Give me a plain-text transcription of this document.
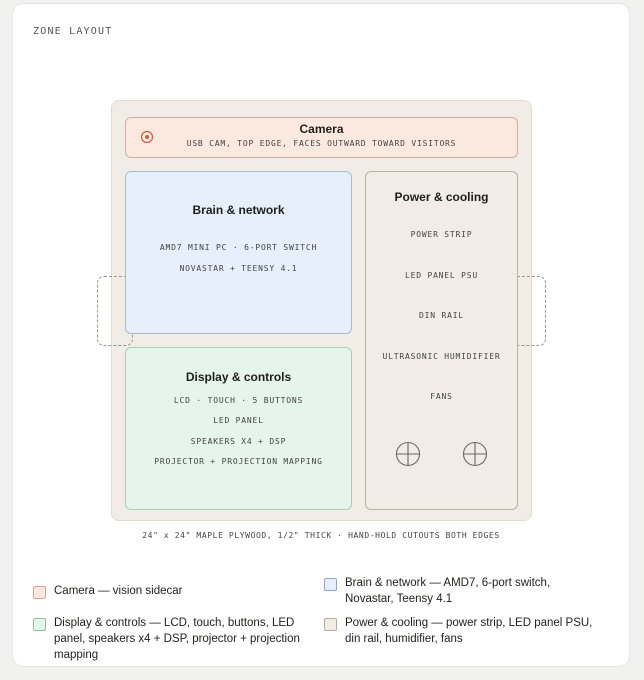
ZONE LAYOUT
Camera
USB CAM, TOP EDGE, FACES OUTWARD TOWARD VISITORS
Brain & network
AMD7 MINI PC · 6-PORT SWITCH
NOVASTAR + TEENSY 4.1
Display & controls
LCD · TOUCH · 5 BUTTONS
LED PANEL
SPEAKERS X4 + DSP
PROJECTOR + PROJECTION MAPPING
Power & cooling
POWER STRIP
LED PANEL PSU
DIN RAIL
ULTRASONIC HUMIDIFIER
FANS
24" x 24" MAPLE PLYWOOD, 1/2" THICK · HAND-HOLD CUTOUTS BOTH EDGES
Camera — vision sidecar
Brain & network — AMD7, 6-port switch, Novastar, Teensy 4.1
Display & controls — LCD, touch, buttons, LED panel, speakers x4 + DSP, projector + projection mapping
Power & cooling — power strip, LED panel PSU, din rail, humidifier, fans
